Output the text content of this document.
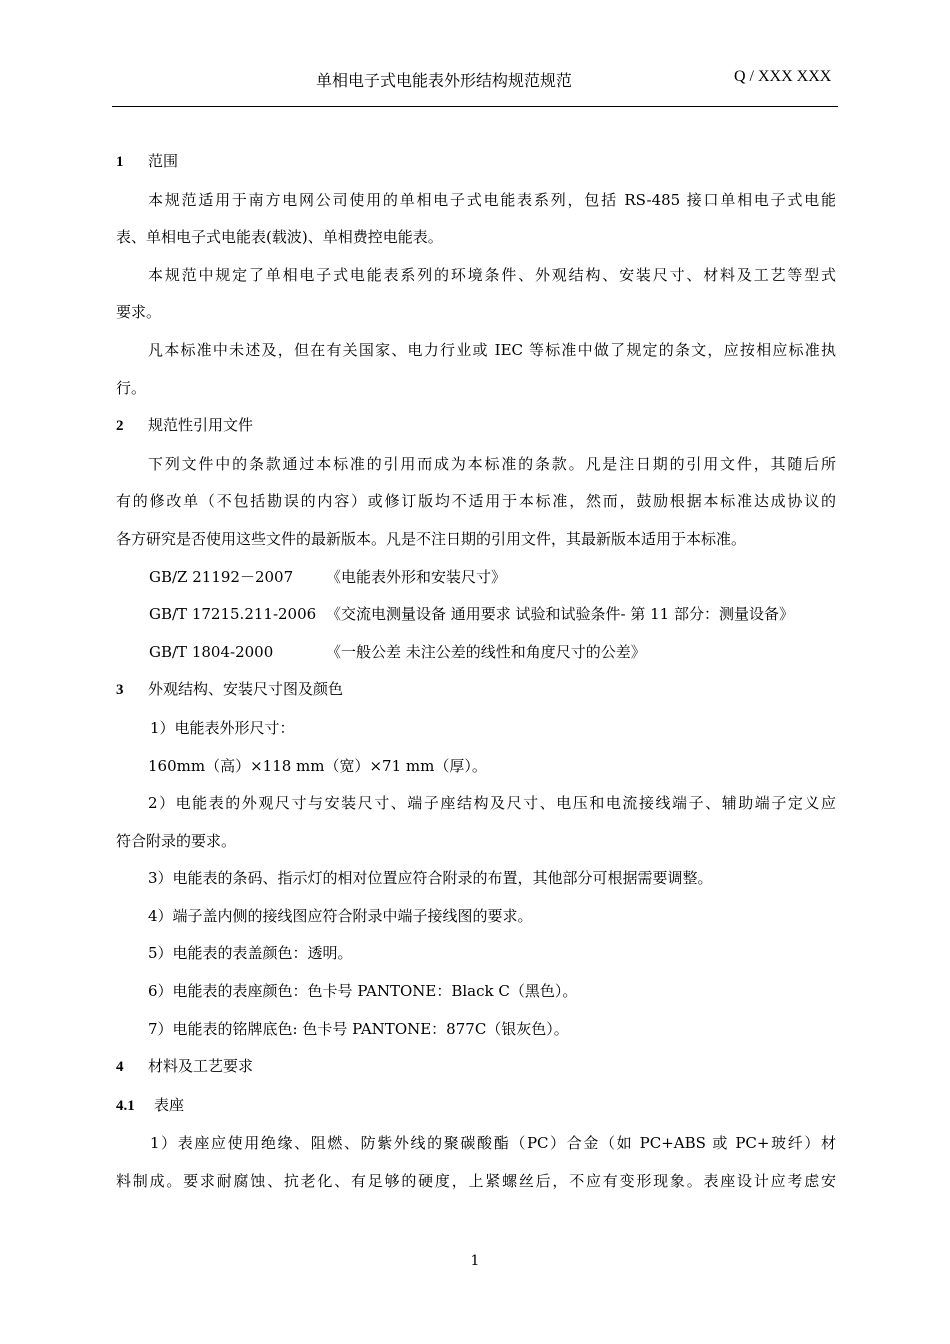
单相电子式电能表外形结构规范规范	Q / XXX XXX
1 范围
本规范适用于南方电网公司使用的单相电子式电能表系列，包括 RS-485 接口单相电子式电能
表、单相电子式电能表(载波)、单相费控电能表。
本规范中规定了单相电子式电能表系列的环境条件、外观结构、安装尺寸、材料及工艺等型式
要求。
凡本标准中未述及，但在有关国家、电力行业或 IEC 等标准中做了规定的条文，应按相应标准执
行。
2 规范性引用文件
下列文件中的条款通过本标准的引用而成为本标准的条款。凡是注日期的引用文件，其随后所
有的修改单（不包括勘误的内容）或修订版均不适用于本标准，然而，鼓励根据本标准达成协议的
各方研究是否使用这些文件的最新版本。凡是不注日期的引用文件，其最新版本适用于本标准。
GB/Z 21192－2007 《电能表外形和安装尺寸》
GB/T 17215.211-2006 《交流电测量设备 通用要求 试验和试验条件- 第 11 部分：测量设备》
GB/T 1804-2000	《一般公差 未注公差的线性和角度尺寸的公差》
3 外观结构、安装尺寸图及颜色
1）电能表外形尺寸：
160mm（高）×118 mm（宽）×71 mm（厚）。
2）电能表的外观尺寸与安装尺寸、端子座结构及尺寸、电压和电流接线端子、辅助端子定义应
符合附录的要求。
3）电能表的条码、指示灯的相对位置应符合附录的布置，其他部分可根据需要调整。
4）端子盖内侧的接线图应符合附录中端子接线图的要求。
5）电能表的表盖颜色：透明。
6）电能表的表座颜色：色卡号 PANTONE：Black C（黑色）。
7）电能表的铭牌底色: 色卡号 PANTONE：877C（银灰色）。
4 材料及工艺要求
4.1 表座
1）表座应使用绝缘、阻燃、防紫外线的聚碳酸酯（PC）合金（如 PC+ABS 或 PC+玻纤）材
料制成。要求耐腐蚀、抗老化、有足够的硬度，上紧螺丝后，不应有变形现象。表座设计应考虑安
1
